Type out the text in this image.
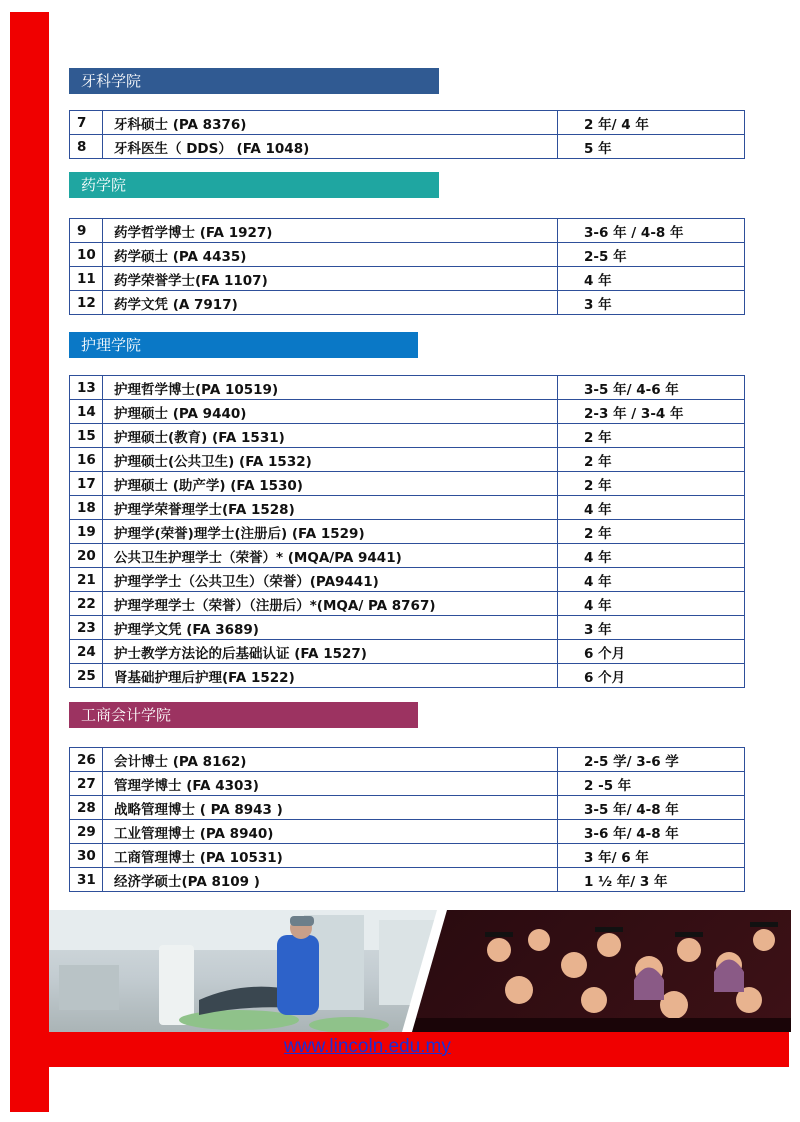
牙科学院
7	牙科硕士 (PA 8376)	2 年/ 4 年
8	牙科医生（ DDS） (FA 1048)	5 年
药学院
9	药学哲学博士 (FA 1927)	3-6 年 / 4-8 年
10	药学硕士 (PA 4435)	2-5 年
11	药学荣誉学士(FA 1107)	4 年
12	药学文凭 (A 7917)	3 年
护理学院
13	护理哲学博士(PA 10519)	3-5 年/ 4-6 年
14	护理硕士 (PA 9440)	2-3 年 / 3-4 年
15	护理硕士(教育) (FA 1531)	2 年
16	护理硕士(公共卫生) (FA 1532)	2 年
17	护理硕士 (助产学) (FA 1530)	2 年
18	护理学荣誉理学士(FA 1528)	4 年
19	护理学(荣誉)理学士(注册后) (FA 1529)	2 年
20	公共卫生护理学士（荣誉）* (MQA/PA 9441)	4 年
21	护理学学士（公共卫生）（荣誉）(PA9441)	4 年
22	护理学理学士（荣誉）（注册后）*(MQA/ PA 8767)	4 年
23	护理学文凭 (FA 3689)	3 年
24	护士教学方法论的后基础认证 (FA 1527)	6 个月
25	肾基础护理后护理(FA 1522)	6 个月
工商会计学院
26	会计博士 (PA 8162)	2-5 学/ 3-6 学
27	管理学博士 (FA 4303)	2 -5 年
28	战略管理博士 ( PA 8943 )	3-5 年/ 4-8 年
29	工业管理博士 (PA 8940)	3-6 年/ 4-8 年
30	工商管理博士 (PA 10531)	3 年/ 6 年
31	经济学硕士(PA 8109 )	1 ½ 年/ 3 年
www.lincoln.edu.my
